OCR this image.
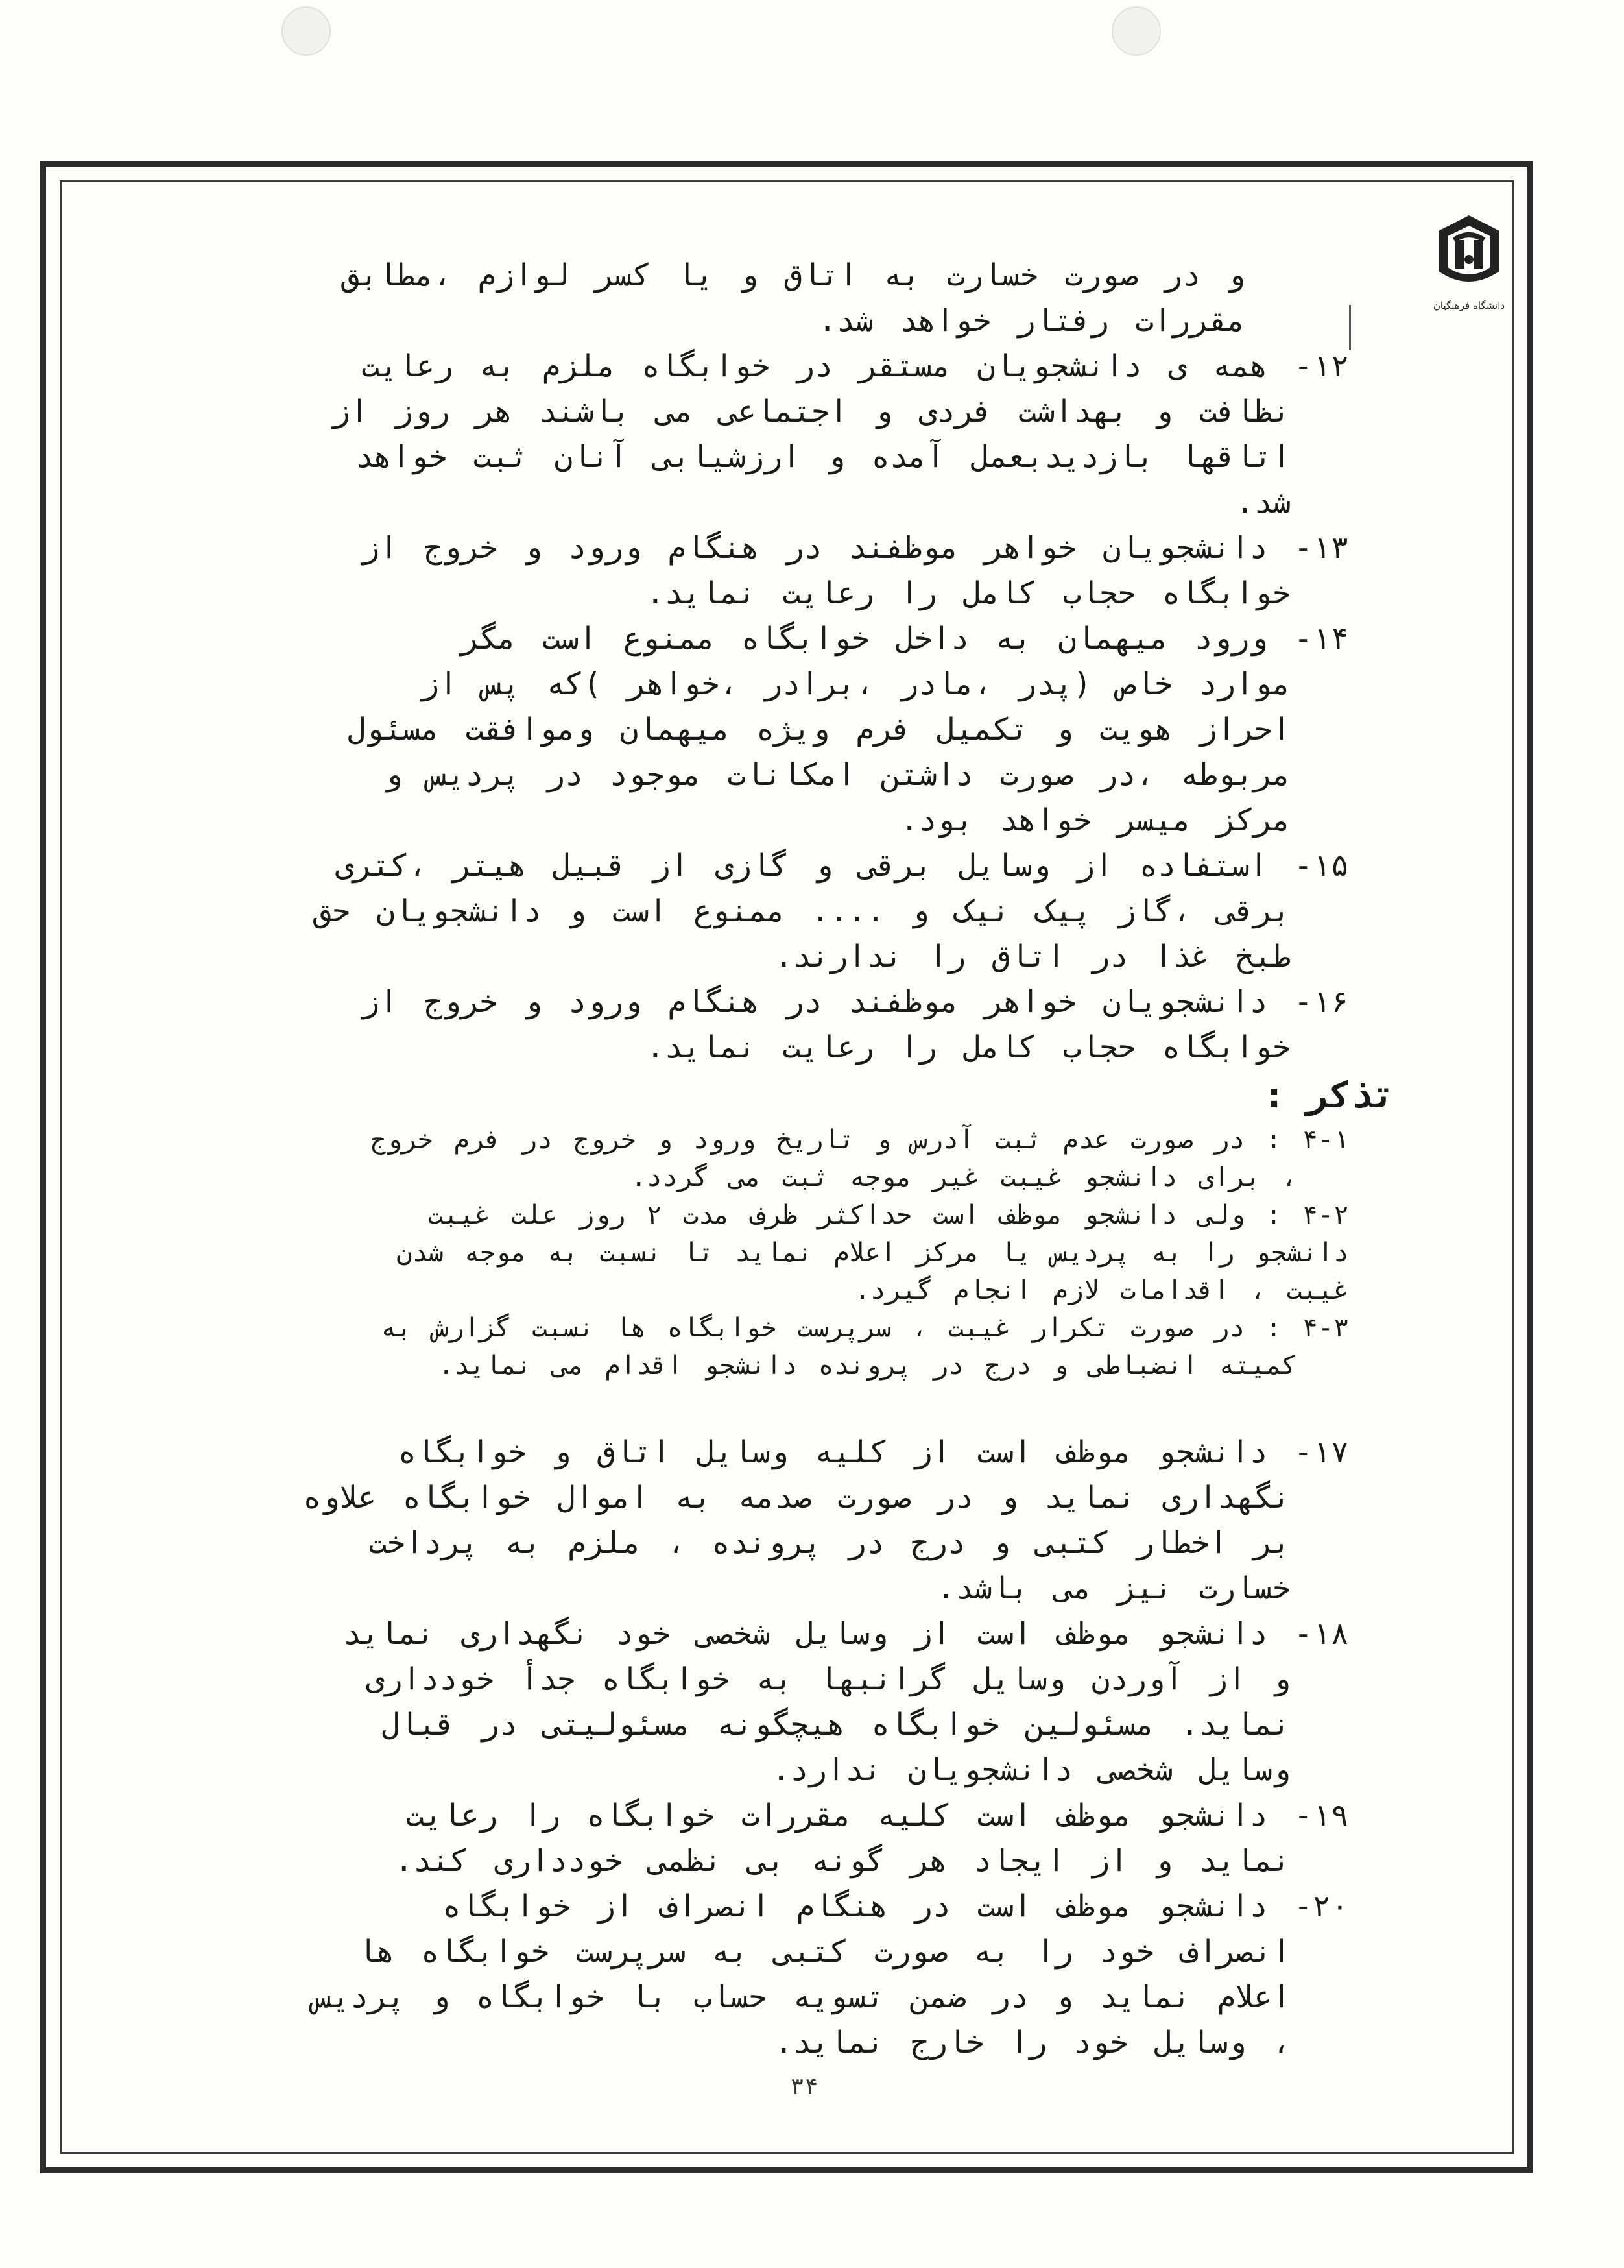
دانشگاه فرهنگیان
و در صورت خسارت به اتاق و یا کسر لوازم ،مطابق
مقررات رفتار خواهد شد.
۱۲- همه ی دانشجویان مستقر در خوابگاه ملزم به رعایت
نظافت و بهداشت فردی و اجتماعی می باشند هر روز از
اتاقها بازدیدبعمل آمده و ارزشیابی آنان ثبت خواهد
شد.
۱۳- دانشجویان خواهر موظفند در هنگام ورود و خروج از
خوابگاه حجاب کامل را رعایت نماید.
۱۴- ورود میهمان به داخل خوابگاه ممنوع است مگر
موارد خاص (پدر ،مادر ،برادر ،خواهر )که پس از
احراز هویت و تکمیل فرم ویژه میهمان وموافقت مسئول
مربوطه ،در صورت داشتن امکانات موجود در پردیس و
مرکز میسر خواهد بود.
۱۵- استفاده از وسایل برقی و گازی از قبیل هیتر ،کتری
برقی ،گاز پیک نیک و .... ممنوع است و دانشجویان حق
طبخ غذا در اتاق را ندارند.
۱۶- دانشجویان خواهر موظفند در هنگام ورود و خروج از
خوابگاه حجاب کامل را رعایت نماید.
تذکر :
۴-۱ : در صورت عدم ثبت آدرس و تاریخ ورود و خروج در فرم خروج
، برای دانشجو غیبت غیر موجه ثبت می گردد.
۴-۲ : ولی دانشجو موظف است حداکثر ظرف مدت ۲ روز علت غیبت
دانشجو را به پردیس یا مرکز اعلام نماید تا نسبت به موجه شدن
غیبت ، اقدامات لازم انجام گیرد.
۴-۳ : در صورت تکرار غیبت ، سرپرست خوابگاه ها نسبت گزارش به
کمیته انضباطی و درج در پرونده دانشجو اقدام می نماید.
۱۷- دانشجو موظف است از کلیه وسایل اتاق و خوابگاه
نگهداری نماید و در صورت صدمه به اموال خوابگاه علاوه
بر اخطار کتبی و درج در پرونده ، ملزم به پرداخت
خسارت نیز می باشد.
۱۸- دانشجو موظف است از وسایل شخصی خود نگهداری نماید
و از آوردن وسایل گرانبها به خوابگاه جدأ خودداری
نماید. مسئولین خوابگاه هیچگونه مسئولیتی در قبال
وسایل شخصی دانشجویان ندارد.
۱۹- دانشجو موظف است کلیه مقررات خوابگاه را رعایت
نماید و از ایجاد هر گونه بی نظمی خودداری کند.
۲۰- دانشجو موظف است در هنگام انصراف از خوابگاه
انصراف خود را به صورت کتبی به سرپرست خوابگاه ها
اعلام نماید و در ضمن تسویه حساب با خوابگاه و پردیس
، وسایل خود را خارج نماید.
۳۴
